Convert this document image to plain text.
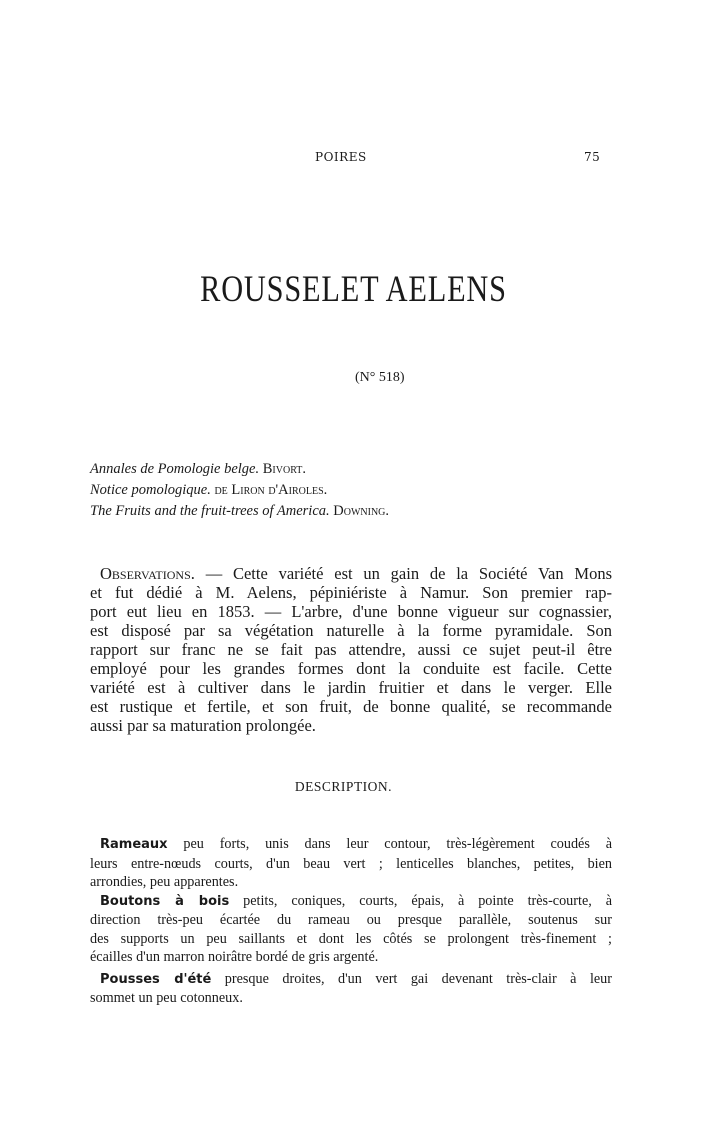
POIRES	75
ROUSSELET AELENS
(N° 518)
Annales de Pomologie belge. Bivort.
Notice pomologique. de Liron d'Airoles.
The Fruits and the fruit-trees of America. Downing.
Observations. — Cette variété est un gain de la Société Van Mons
et fut dédié à M. Aelens, pépiniériste à Namur. Son premier rap-
port eut lieu en 1853. — L'arbre, d'une bonne vigueur sur cognassier,
est disposé par sa végétation naturelle à la forme pyramidale. Son
rapport sur franc ne se fait pas attendre, aussi ce sujet peut-il être
employé pour les grandes formes dont la conduite est facile. Cette
variété est à cultiver dans le jardin fruitier et dans le verger. Elle
est rustique et fertile, et son fruit, de bonne qualité, se recommande
aussi par sa maturation prolongée.
DESCRIPTION.
Rameaux peu forts, unis dans leur contour, très-légèrement coudés à
leurs entre-nœuds courts, d'un beau vert ; lenticelles blanches, petites, bien
arrondies, peu apparentes.
Boutons à bois petits, coniques, courts, épais, à pointe très-courte, à
direction très-peu écartée du rameau ou presque parallèle, soutenus sur
des supports un peu saillants et dont les côtés se prolongent très-finement ;
écailles d'un marron noirâtre bordé de gris argenté.
Pousses d'été presque droites, d'un vert gai devenant très-clair à leur
sommet un peu cotonneux.
